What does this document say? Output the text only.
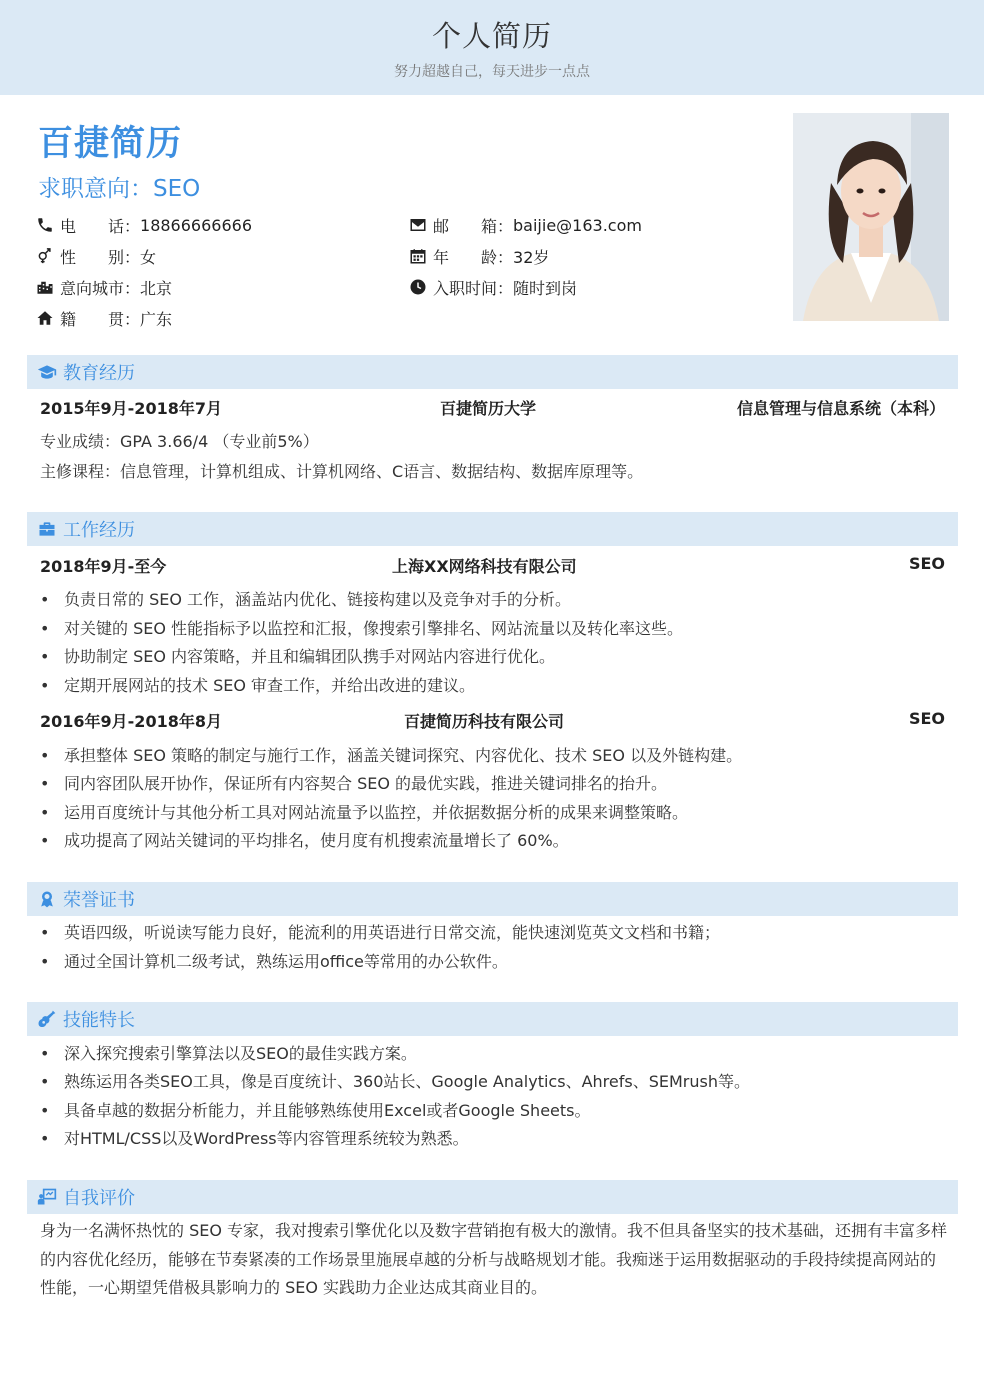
个人简历
努力超越自己，每天进步一点点
百捷简历
求职意向：SEO
电　　话： 18866666666	邮　　箱： baijie@163.com
性　　别： 女	年　　龄： 32岁
意向城市： 北京	入职时间： 随时到岗
籍　　贯： 广东
教育经历
2015年9月-2018年7月	百捷简历大学	信息管理与信息系统（本科）
专业成绩：GPA 3.66/4 （专业前5%）
主修课程：信息管理，计算机组成、计算机网络、C语言、数据结构、数据库原理等。
工作经历
2018年9月-至今	上海XX网络科技有限公司	SEO
• 负责日常的 SEO 工作，涵盖站内优化、链接构建以及竞争对手的分析。
• 对关键的 SEO 性能指标予以监控和汇报，像搜索引擎排名、网站流量以及转化率这些。
• 协助制定 SEO 内容策略，并且和编辑团队携手对网站内容进行优化。
• 定期开展网站的技术 SEO 审查工作，并给出改进的建议。
2016年9月-2018年8月	百捷简历科技有限公司	SEO
• 承担整体 SEO 策略的制定与施行工作，涵盖关键词探究、内容优化、技术 SEO 以及外链构建。
• 同内容团队展开协作，保证所有内容契合 SEO 的最优实践，推进关键词排名的抬升。
• 运用百度统计与其他分析工具对网站流量予以监控，并依据数据分析的成果来调整策略。
• 成功提高了网站关键词的平均排名，使月度有机搜索流量增长了 60%。
荣誉证书
• 英语四级，听说读写能力良好，能流利的用英语进行日常交流，能快速浏览英文文档和书籍；
• 通过全国计算机二级考试，熟练运用office等常用的办公软件。
技能特长
• 深入探究搜索引擎算法以及SEO的最佳实践方案。
• 熟练运用各类SEO工具，像是百度统计、360站长、Google Analytics、Ahrefs、SEMrush等。
• 具备卓越的数据分析能力，并且能够熟练使用Excel或者Google Sheets。
• 对HTML/CSS以及WordPress等内容管理系统较为熟悉。
自我评价
身为一名满怀热忱的 SEO 专家，我对搜索引擎优化以及数字营销抱有极大的激情。我不但具备坚实的技术基础，还拥有丰富多样的内容优化经历，能够在节奏紧凑的工作场景里施展卓越的分析与战略规划才能。我痴迷于运用数据驱动的手段持续提高网站的性能，一心期望凭借极具影响力的 SEO 实践助力企业达成其商业目的。
